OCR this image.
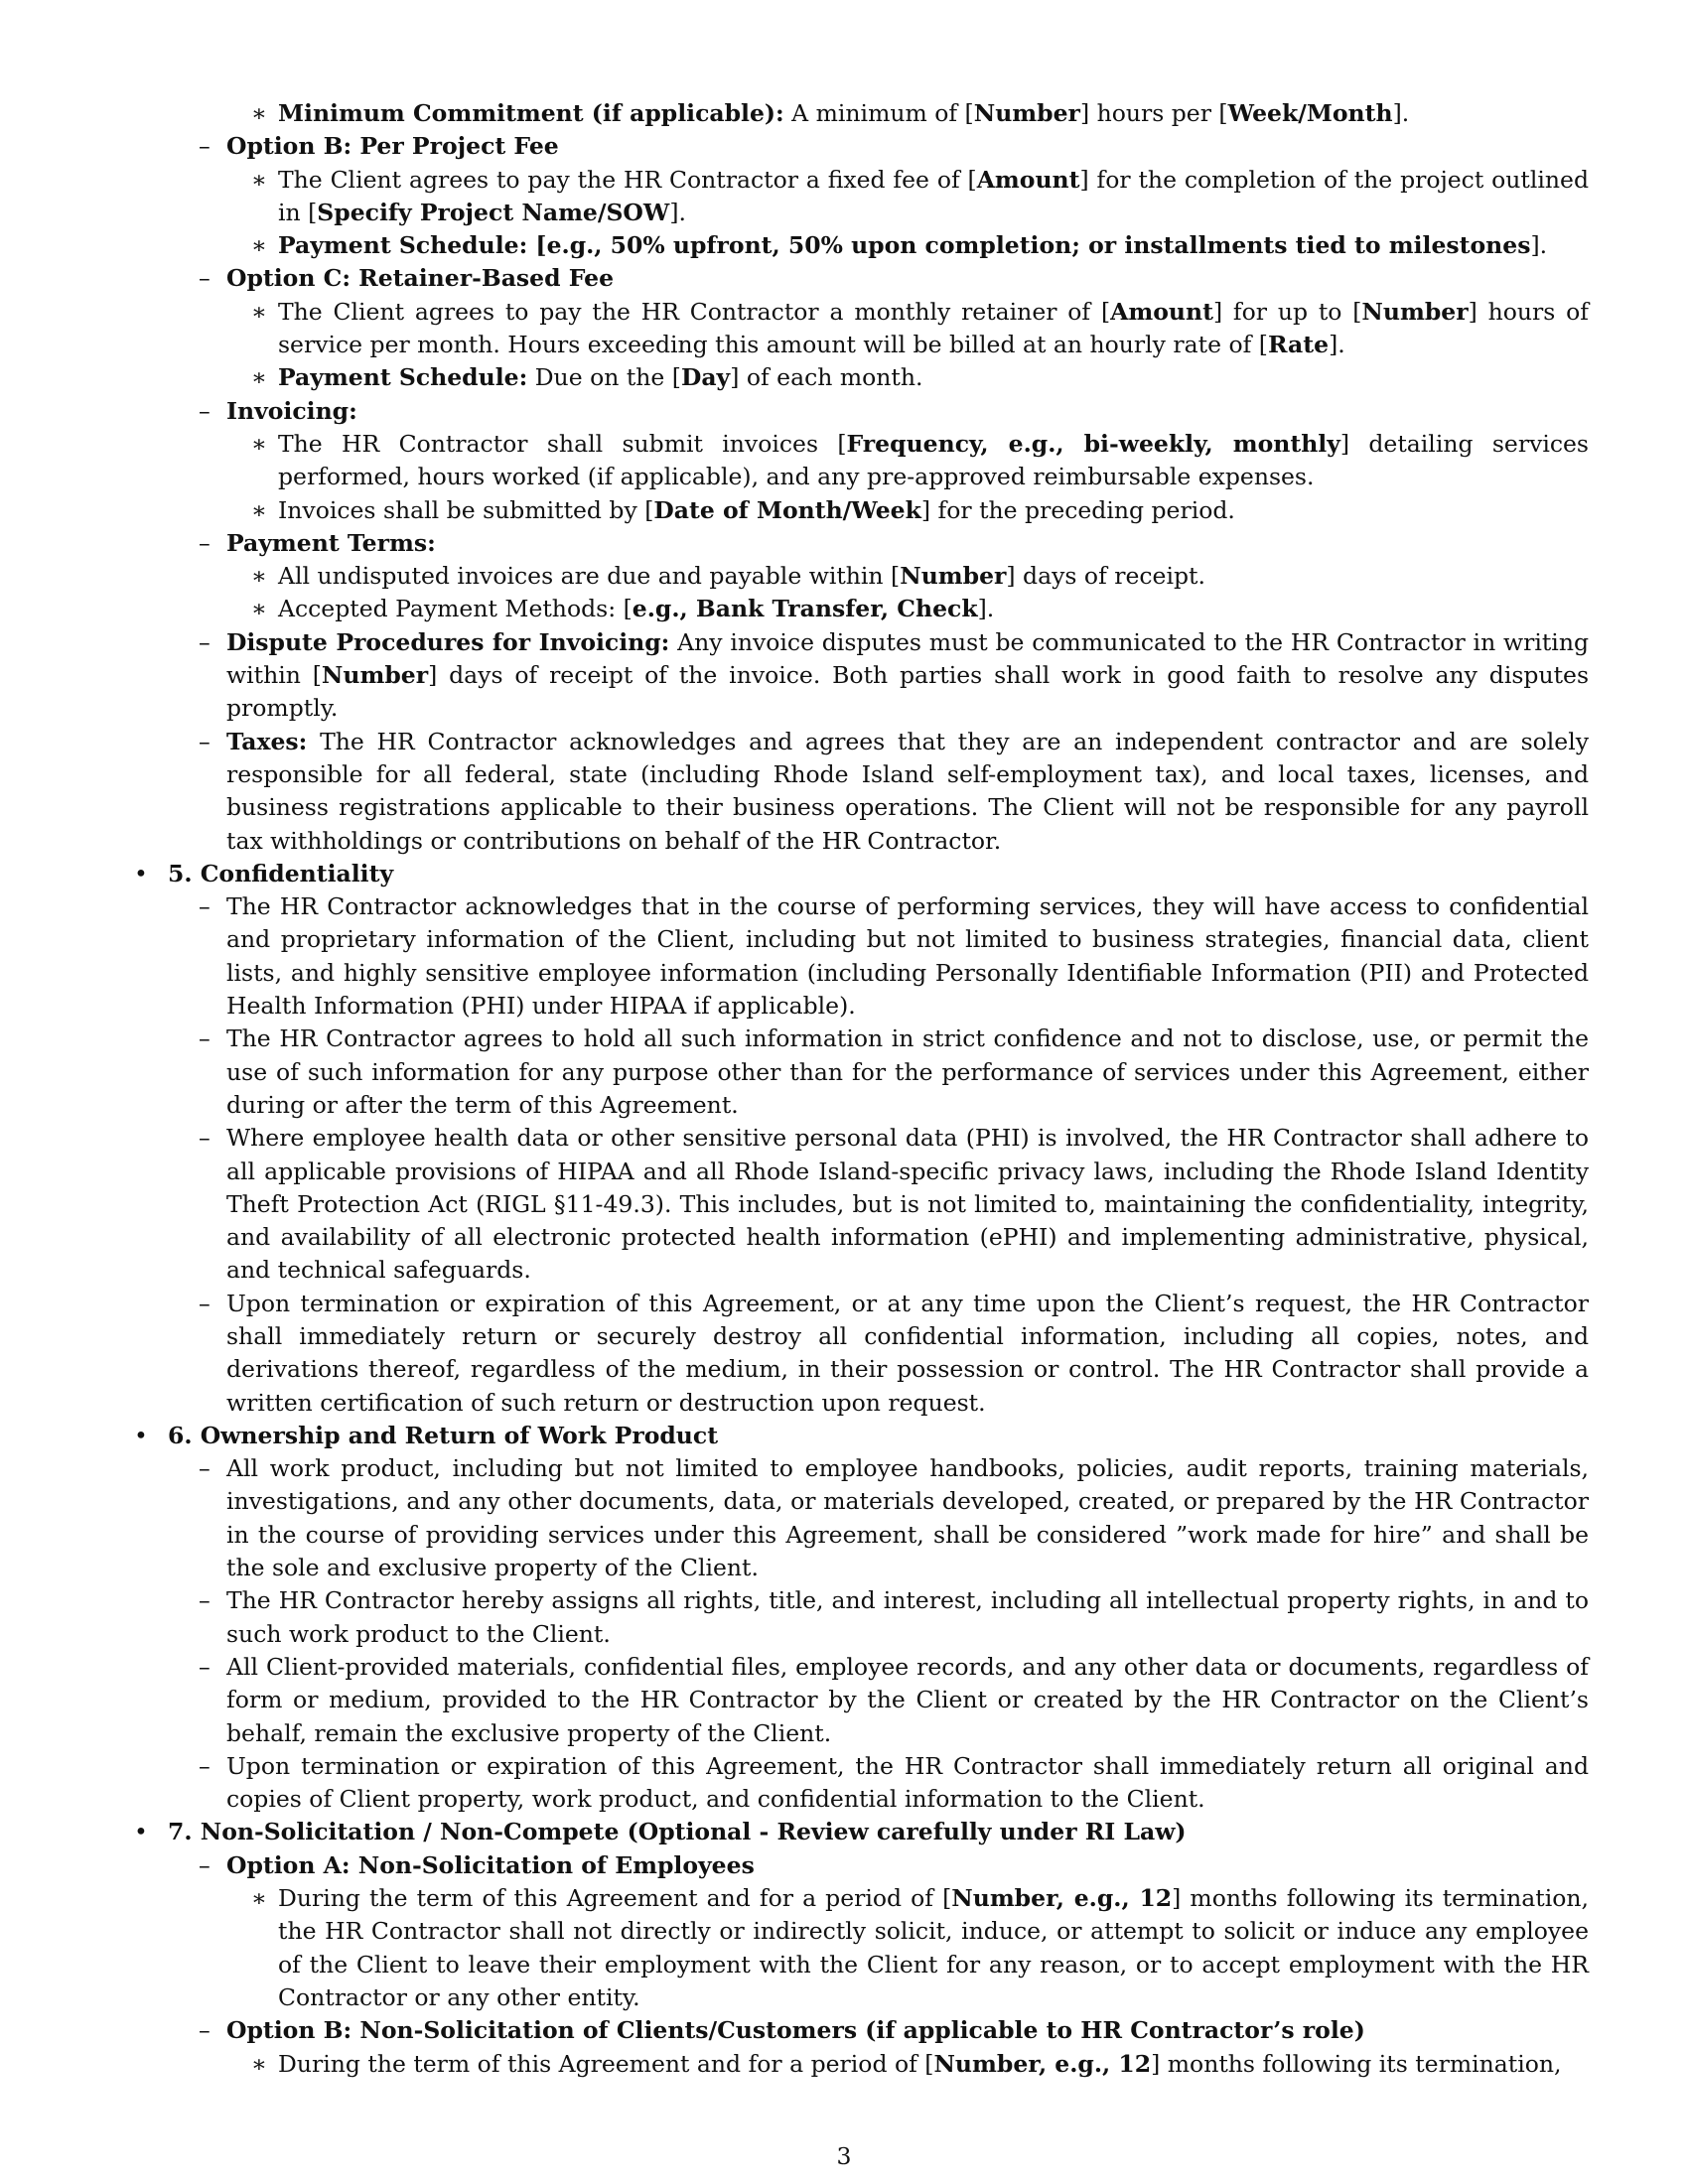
∗ Minimum Commitment (if applicable): A minimum of [Number] hours per [Week/Month].
– Option B: Per Project Fee
∗ The Client agrees to pay the HR Contractor a fixed fee of [Amount] for the completion of the project outlined in [Specify Project Name/SOW].
∗ Payment Schedule: [e.g., 50% upfront, 50% upon completion; or installments tied to milestones].
– Option C: Retainer-Based Fee
∗ The Client agrees to pay the HR Contractor a monthly retainer of [Amount] for up to [Number] hours of service per month. Hours exceeding this amount will be billed at an hourly rate of [Rate].
∗ Payment Schedule: Due on the [Day] of each month.
– Invoicing:
∗ The HR Contractor shall submit invoices [Frequency, e.g., bi-weekly, monthly] detailing services performed, hours worked (if applicable), and any pre-approved reimbursable expenses.
∗ Invoices shall be submitted by [Date of Month/Week] for the preceding period.
– Payment Terms:
∗ All undisputed invoices are due and payable within [Number] days of receipt.
∗ Accepted Payment Methods: [e.g., Bank Transfer, Check].
– Dispute Procedures for Invoicing: Any invoice disputes must be communicated to the HR Contractor in writing within [Number] days of receipt of the invoice. Both parties shall work in good faith to resolve any disputes promptly.
– Taxes: The HR Contractor acknowledges and agrees that they are an independent contractor and are solely responsible for all federal, state (including Rhode Island self-employment tax), and local taxes, licenses, and business registrations applicable to their business operations. The Client will not be responsible for any payroll tax withholdings or contributions on behalf of the HR Contractor.
• 5. Confidentiality
– The HR Contractor acknowledges that in the course of performing services, they will have access to confidential and proprietary information of the Client, including but not limited to business strategies, financial data, client lists, and highly sensitive employee information (including Personally Identifiable Information (PII) and Protected Health Information (PHI) under HIPAA if applicable).
– The HR Contractor agrees to hold all such information in strict confidence and not to disclose, use, or permit the use of such information for any purpose other than for the performance of services under this Agreement, either during or after the term of this Agreement.
– Where employee health data or other sensitive personal data (PHI) is involved, the HR Contractor shall adhere to all applicable provisions of HIPAA and all Rhode Island-specific privacy laws, including the Rhode Island Identity Theft Protection Act (RIGL §11-49.3). This includes, but is not limited to, maintaining the confidentiality, integrity, and availability of all electronic protected health information (ePHI) and implementing administrative, physical, and technical safeguards.
– Upon termination or expiration of this Agreement, or at any time upon the Client’s request, the HR Contractor shall immediately return or securely destroy all confidential information, including all copies, notes, and derivations thereof, regardless of the medium, in their possession or control. The HR Contractor shall provide a written certification of such return or destruction upon request.
• 6. Ownership and Return of Work Product
– All work product, including but not limited to employee handbooks, policies, audit reports, training materials, investigations, and any other documents, data, or materials developed, created, or prepared by the HR Contractor in the course of providing services under this Agreement, shall be considered ”work made for hire” and shall be the sole and exclusive property of the Client.
– The HR Contractor hereby assigns all rights, title, and interest, including all intellectual property rights, in and to such work product to the Client.
– All Client-provided materials, confidential files, employee records, and any other data or documents, regardless of form or medium, provided to the HR Contractor by the Client or created by the HR Contractor on the Client’s behalf, remain the exclusive property of the Client.
– Upon termination or expiration of this Agreement, the HR Contractor shall immediately return all original and copies of Client property, work product, and confidential information to the Client.
• 7. Non-Solicitation / Non-Compete (Optional - Review carefully under RI Law)
– Option A: Non-Solicitation of Employees
∗ During the term of this Agreement and for a period of [Number, e.g., 12] months following its termination, the HR Contractor shall not directly or indirectly solicit, induce, or attempt to solicit or induce any employee of the Client to leave their employment with the Client for any reason, or to accept employment with the HR Contractor or any other entity.
– Option B: Non-Solicitation of Clients/Customers (if applicable to HR Contractor’s role)
∗ During the term of this Agreement and for a period of [Number, e.g., 12] months following its termination,
3
